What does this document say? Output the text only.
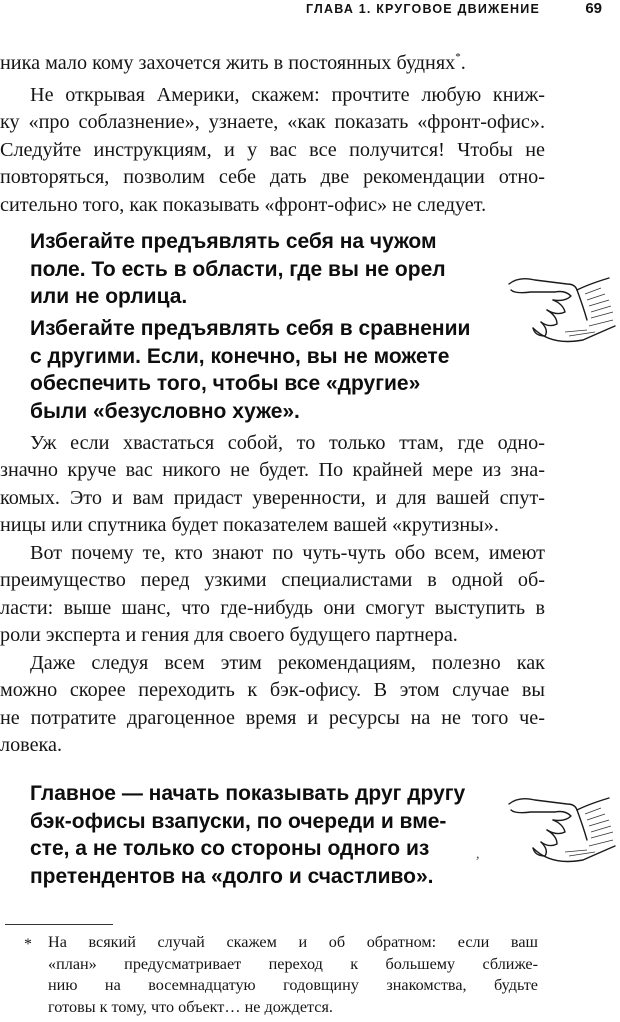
ГЛАВА 1. КРУГОВОЕ ДВИЖЕНИЕ	69

ника мало кому захочется жить в постоянных буднях*.

Не открывая Америки, скажем: прочтите любую книж-
ку «про соблазнение», узнаете, «как показать «фронт-офис».
Следуйте инструкциям, и у вас все получится! Чтобы не
повторяться, позволим себе дать две рекомендации отно-
сительно того, как показывать «фронт-офис» не следует.
Избегайте предъявлять себя на чужом
поле. То есть в области, где вы не орел
или не орлица.
Избегайте предъявлять себя в сравнении
с другими. Если, конечно, вы не можете
обеспечить того, чтобы все «другие»
были «безусловно хуже».
Уж если хвастаться собой, то только ттам, где одно-
значно круче вас никого не будет. По крайней мере из зна-
комых. Это и вам придаст уверенности, и для вашей спут-
ницы или спутника будет показателем вашей «крутизны».
Вот почему те, кто знают по чуть-чуть обо всем, имеют
преимущество перед узкими специалистами в одной об-
ласти: выше шанс, что где-нибудь они смогут выступить в
роли эксперта и гения для своего будущего партнера.
Даже следуя всем этим рекомендациям, полезно как
можно скорее переходить к бэк-офису. В этом случае вы
не потратите драгоценное время и ресурсы на не того че-
ловека.
Главное — начать показывать друг другу
бэк-офисы взапуски, по очереди и вме-
сте, а не только со стороны одного из
претендентов на «долго и счастливо».
,
* На всякий случай скажем и об обратном: если ваш
«план» предусматривает переход к большему сближе-
нию на восемнадцатую годовщину знакомства, будьте
готовы к тому, что объект… не дождется.
